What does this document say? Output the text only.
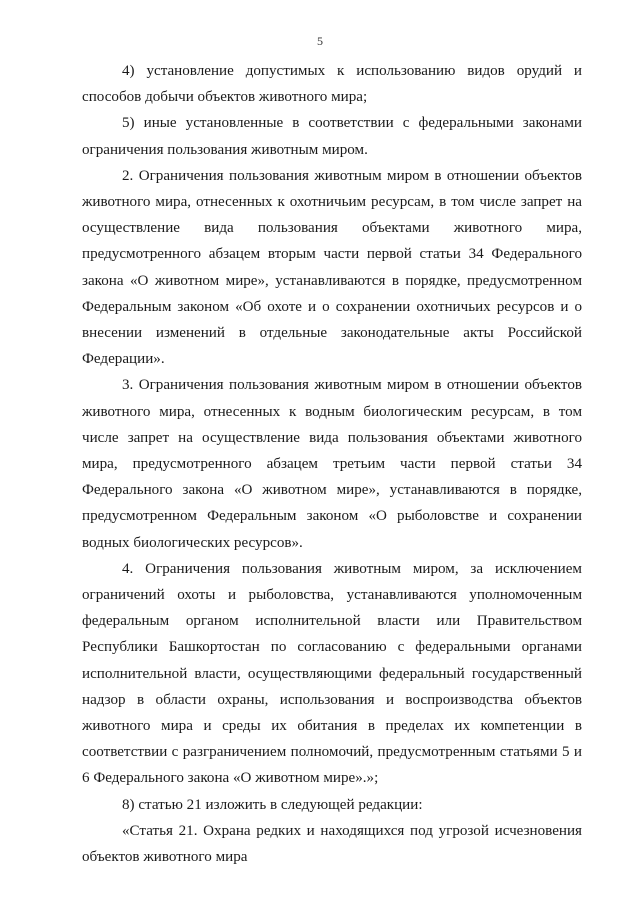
5

4) установление допустимых к использованию видов орудий и способов добычи объектов животного мира;

5) иные установленные в соответствии с федеральными законами ограничения пользования животным миром.

2. Ограничения пользования животным миром в отношении объектов животного мира, отнесенных к охотничьим ресурсам, в том числе запрет на осуществление вида пользования объектами животного мира, предусмотренного абзацем вторым части первой статьи 34 Федерального закона «О животном мире», устанавливаются в порядке, предусмотренном Федеральным законом «Об охоте и о сохранении охотничьих ресурсов и о внесении изменений в отдельные законодательные акты Российской Федерации».

3. Ограничения пользования животным миром в отношении объектов животного мира, отнесенных к водным биологическим ресурсам, в том числе запрет на осуществление вида пользования объектами животного мира, предусмотренного абзацем третьим части первой статьи 34 Федерального закона «О животном мире», устанавливаются в порядке, предусмотренном Федеральным законом «О рыболовстве и сохранении водных биологических ресурсов».

4. Ограничения пользования животным миром, за исключением ограничений охоты и рыболовства, устанавливаются уполномоченным федеральным органом исполнительной власти или Правительством Республики Башкортостан по согласованию с федеральными органами исполнительной власти, осуществляющими федеральный государственный надзор в области охраны, использования и воспроизводства объектов животного мира и среды их обитания в пределах их компетенции в соответствии с разграничением полномочий, предусмотренным статьями 5 и 6 Федерального закона «О животном мире».»;

8) статью 21 изложить в следующей редакции:

«Статья 21. Охрана редких и находящихся под угрозой исчезновения объектов животного мира
